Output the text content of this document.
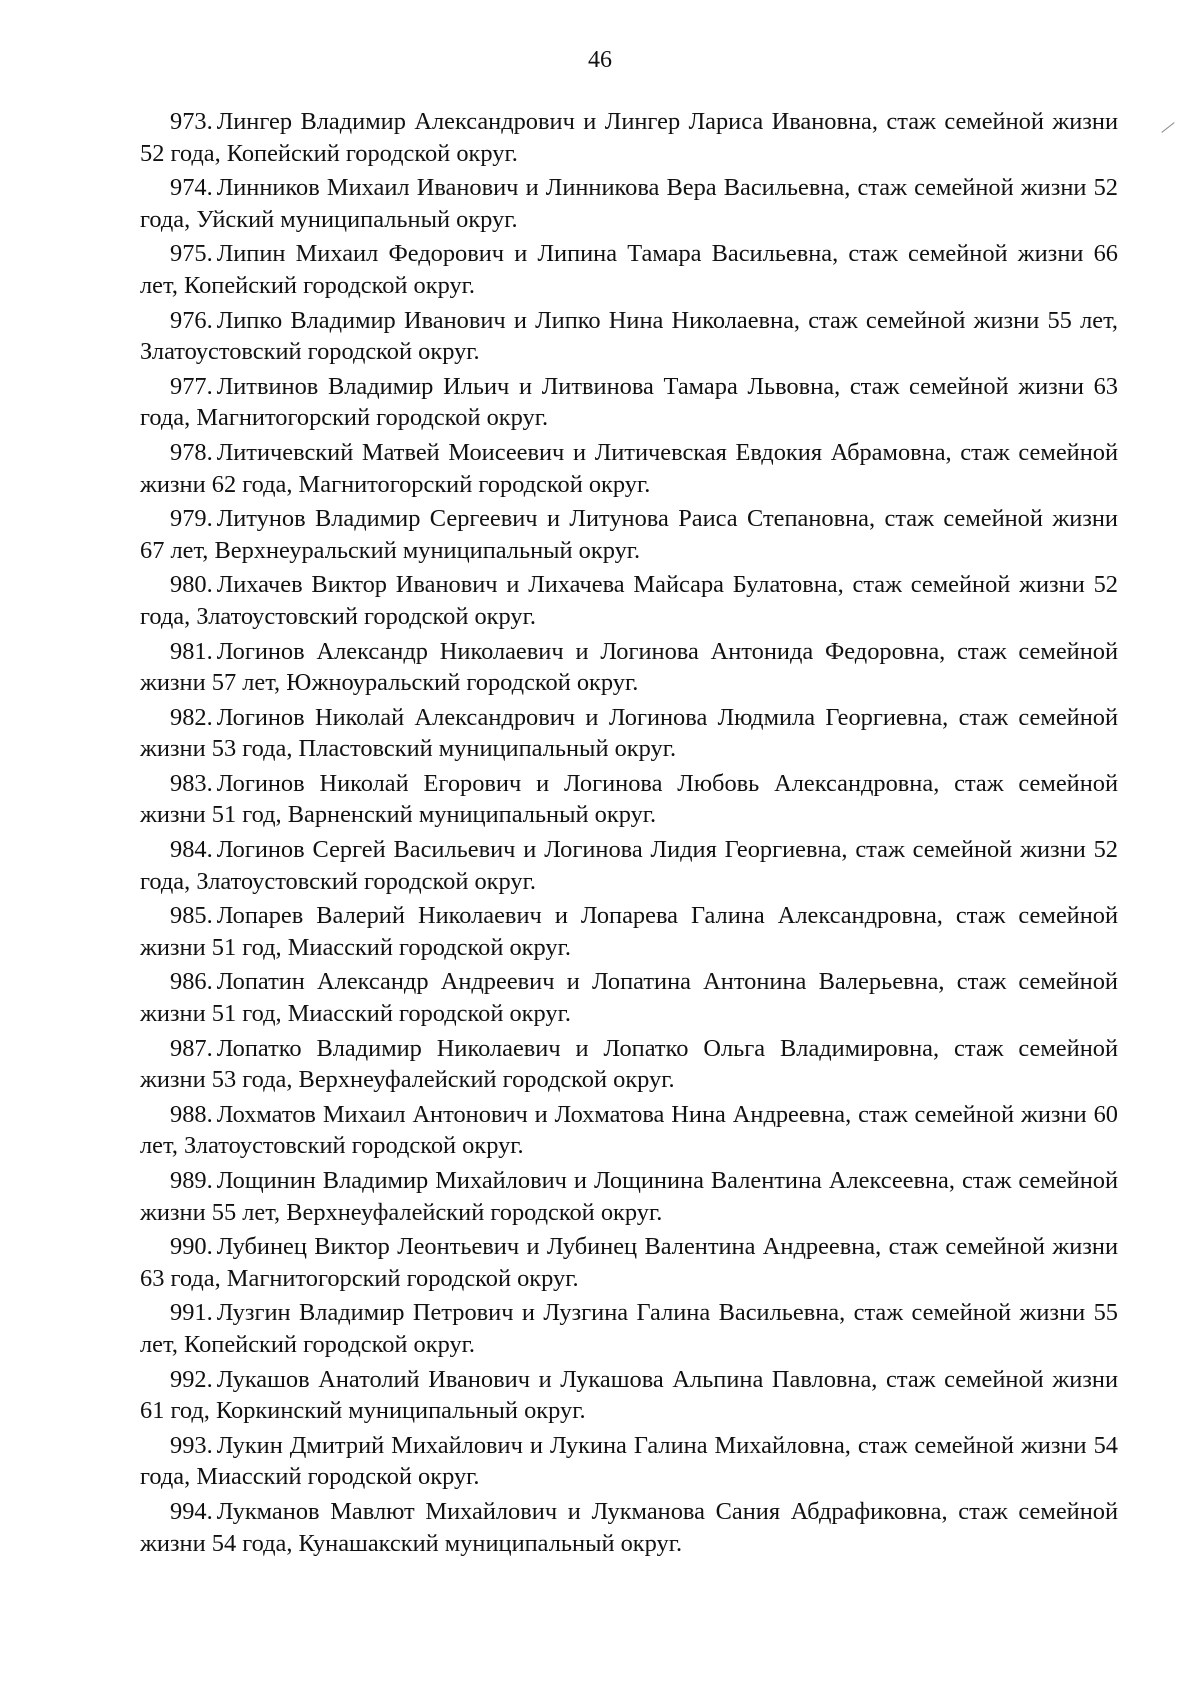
46

973. Лингер Владимир Александрович и Лингер Лариса Ивановна, стаж семейной жизни 52 года, Копейский городской округ.

974. Линников Михаил Иванович и Линникова Вера Васильевна, стаж семейной жизни 52 года, Уйский муниципальный округ.

975. Липин Михаил Федорович и Липина Тамара Васильевна, стаж семейной жизни 66 лет, Копейский городской округ.

976. Липко Владимир Иванович и Липко Нина Николаевна, стаж семейной жизни 55 лет, Златоустовский городской округ.

977. Литвинов Владимир Ильич и Литвинова Тамара Львовна, стаж семейной жизни 63 года, Магнитогорский городской округ.

978. Литичевский Матвей Моисеевич и Литичевская Евдокия Абрамовна, стаж семейной жизни 62 года, Магнитогорский городской округ.

979. Литунов Владимир Сергеевич и Литунова Раиса Степановна, стаж семейной жизни 67 лет, Верхнеуральский муниципальный округ.

980. Лихачев Виктор Иванович и Лихачева Майсара Булатовна, стаж семейной жизни 52 года, Златоустовский городской округ.

981. Логинов Александр Николаевич и Логинова Антонида Федоровна, стаж семейной жизни 57 лет, Южноуральский городской округ.

982. Логинов Николай Александрович и Логинова Людмила Георгиевна, стаж семейной жизни 53 года, Пластовский муниципальный округ.

983. Логинов Николай Егорович и Логинова Любовь Александровна, стаж семейной жизни 51 год, Варненский муниципальный округ.

984. Логинов Сергей Васильевич и Логинова Лидия Георгиевна, стаж семейной жизни 52 года, Златоустовский городской округ.

985. Лопарев Валерий Николаевич и Лопарева Галина Александровна, стаж семейной жизни 51 год, Миасский городской округ.

986. Лопатин Александр Андреевич и Лопатина Антонина Валерьевна, стаж семейной жизни 51 год, Миасский городской округ.

987. Лопатко Владимир Николаевич и Лопатко Ольга Владимировна, стаж семейной жизни 53 года, Верхнеуфалейский городской округ.

988. Лохматов Михаил Антонович и Лохматова Нина Андреевна, стаж семейной жизни 60 лет, Златоустовский городской округ.

989. Лощинин Владимир Михайлович и Лощинина Валентина Алексеевна, стаж семейной жизни 55 лет, Верхнеуфалейский городской округ.

990. Лубинец Виктор Леонтьевич и Лубинец Валентина Андреевна, стаж семейной жизни 63 года, Магнитогорский городской округ.

991. Лузгин Владимир Петрович и Лузгина Галина Васильевна, стаж семейной жизни 55 лет, Копейский городской округ.

992. Лукашов Анатолий Иванович и Лукашова Альпина Павловна, стаж семейной жизни 61 год, Коркинский муниципальный округ.

993. Лукин Дмитрий Михайлович и Лукина Галина Михайловна, стаж семейной жизни 54 года, Миасский городской округ.

994. Лукманов Мавлют Михайлович и Лукманова Сания Абдрафиковна, стаж семейной жизни 54 года, Кунашакский муниципальный округ.
